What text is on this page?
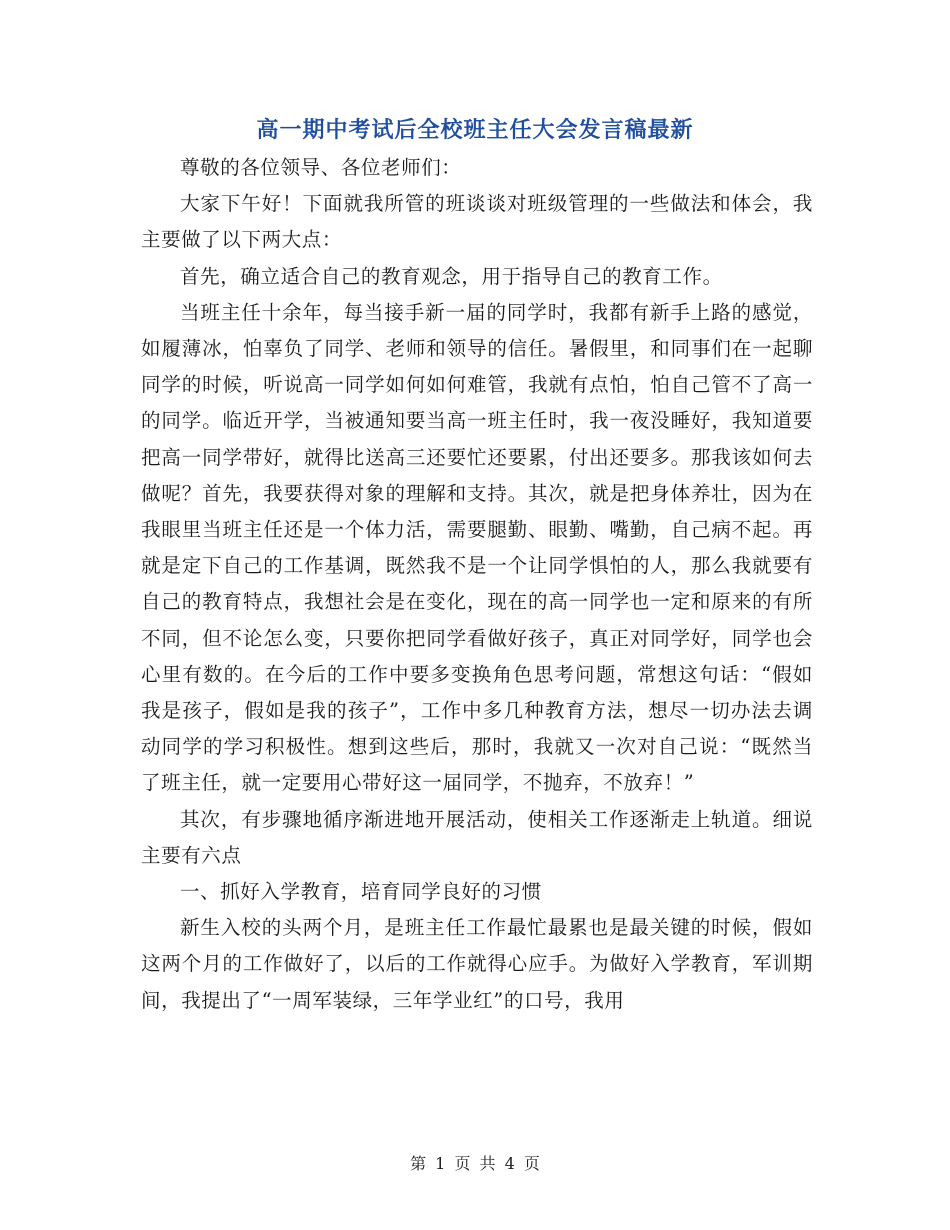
高一期中考试后全校班主任大会发言稿最新

尊敬的各位领导、各位老师们：

大家下午好！下面就我所管的班谈谈对班级管理的一些做法和体会，我主要做了以下两大点：

首先，确立适合自己的教育观念，用于指导自己的教育工作。

当班主任十余年，每当接手新一届的同学时，我都有新手上路的感觉，如履薄冰，怕辜负了同学、老师和领导的信任。暑假里，和同事们在一起聊同学的时候，听说高一同学如何如何难管，我就有点怕，怕自己管不了高一的同学。临近开学，当被通知要当高一班主任时，我一夜没睡好，我知道要把高一同学带好，就得比送高三还要忙还要累，付出还要多。那我该如何去做呢？首先，我要获得对象的理解和支持。其次，就是把身体养壮，因为在我眼里当班主任还是一个体力活，需要腿勤、眼勤、嘴勤，自己病不起。再就是定下自己的工作基调，既然我不是一个让同学惧怕的人，那么我就要有自己的教育特点，我想社会是在变化，现在的高一同学也一定和原来的有所不同，但不论怎么变，只要你把同学看做好孩子，真正对同学好，同学也会心里有数的。在今后的工作中要多变换角色思考问题，常想这句话：“假如我是孩子，假如是我的孩子”，工作中多几种教育方法，想尽一切办法去调动同学的学习积极性。想到这些后，那时，我就又一次对自己说：“既然当了班主任，就一定要用心带好这一届同学，不抛弃，不放弃！”

其次，有步骤地循序渐进地开展活动，使相关工作逐渐走上轨道。细说主要有六点

一、抓好入学教育，培育同学良好的习惯

新生入校的头两个月，是班主任工作最忙最累也是最关键的时候，假如这两个月的工作做好了，以后的工作就得心应手。为做好入学教育，军训期间，我提出了“一周军装绿，三年学业红”的口号，我用

第 1 页 共 4 页
